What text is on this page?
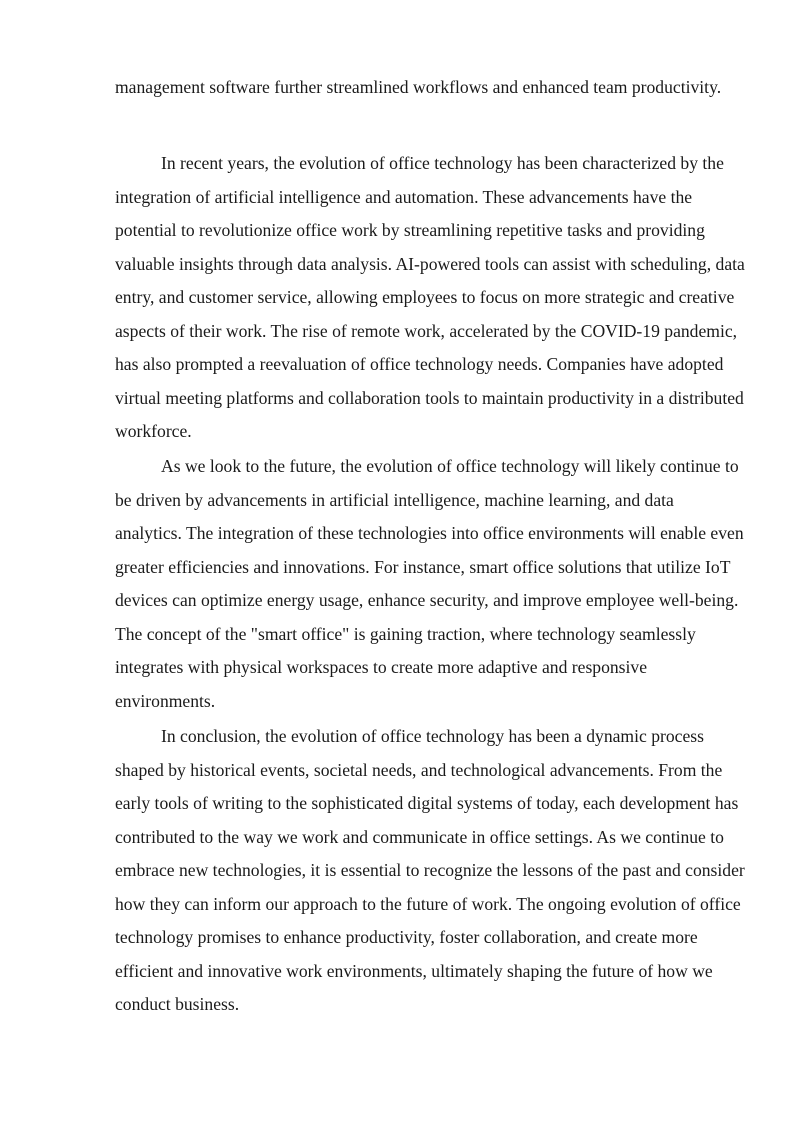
management software further streamlined workflows and enhanced team productivity.

In recent years, the evolution of office technology has been characterized by the integration of artificial intelligence and automation. These advancements have the potential to revolutionize office work by streamlining repetitive tasks and providing valuable insights through data analysis. AI-powered tools can assist with scheduling, data entry, and customer service, allowing employees to focus on more strategic and creative aspects of their work. The rise of remote work, accelerated by the COVID-19 pandemic, has also prompted a reevaluation of office technology needs. Companies have adopted virtual meeting platforms and collaboration tools to maintain productivity in a distributed workforce.

As we look to the future, the evolution of office technology will likely continue to be driven by advancements in artificial intelligence, machine learning, and data analytics. The integration of these technologies into office environments will enable even greater efficiencies and innovations. For instance, smart office solutions that utilize IoT devices can optimize energy usage, enhance security, and improve employee well-being. The concept of the "smart office" is gaining traction, where technology seamlessly integrates with physical workspaces to create more adaptive and responsive environments.

In conclusion, the evolution of office technology has been a dynamic process shaped by historical events, societal needs, and technological advancements. From the early tools of writing to the sophisticated digital systems of today, each development has contributed to the way we work and communicate in office settings. As we continue to embrace new technologies, it is essential to recognize the lessons of the past and consider how they can inform our approach to the future of work. The ongoing evolution of office technology promises to enhance productivity, foster collaboration, and create more efficient and innovative work environments, ultimately shaping the future of how we conduct business.
